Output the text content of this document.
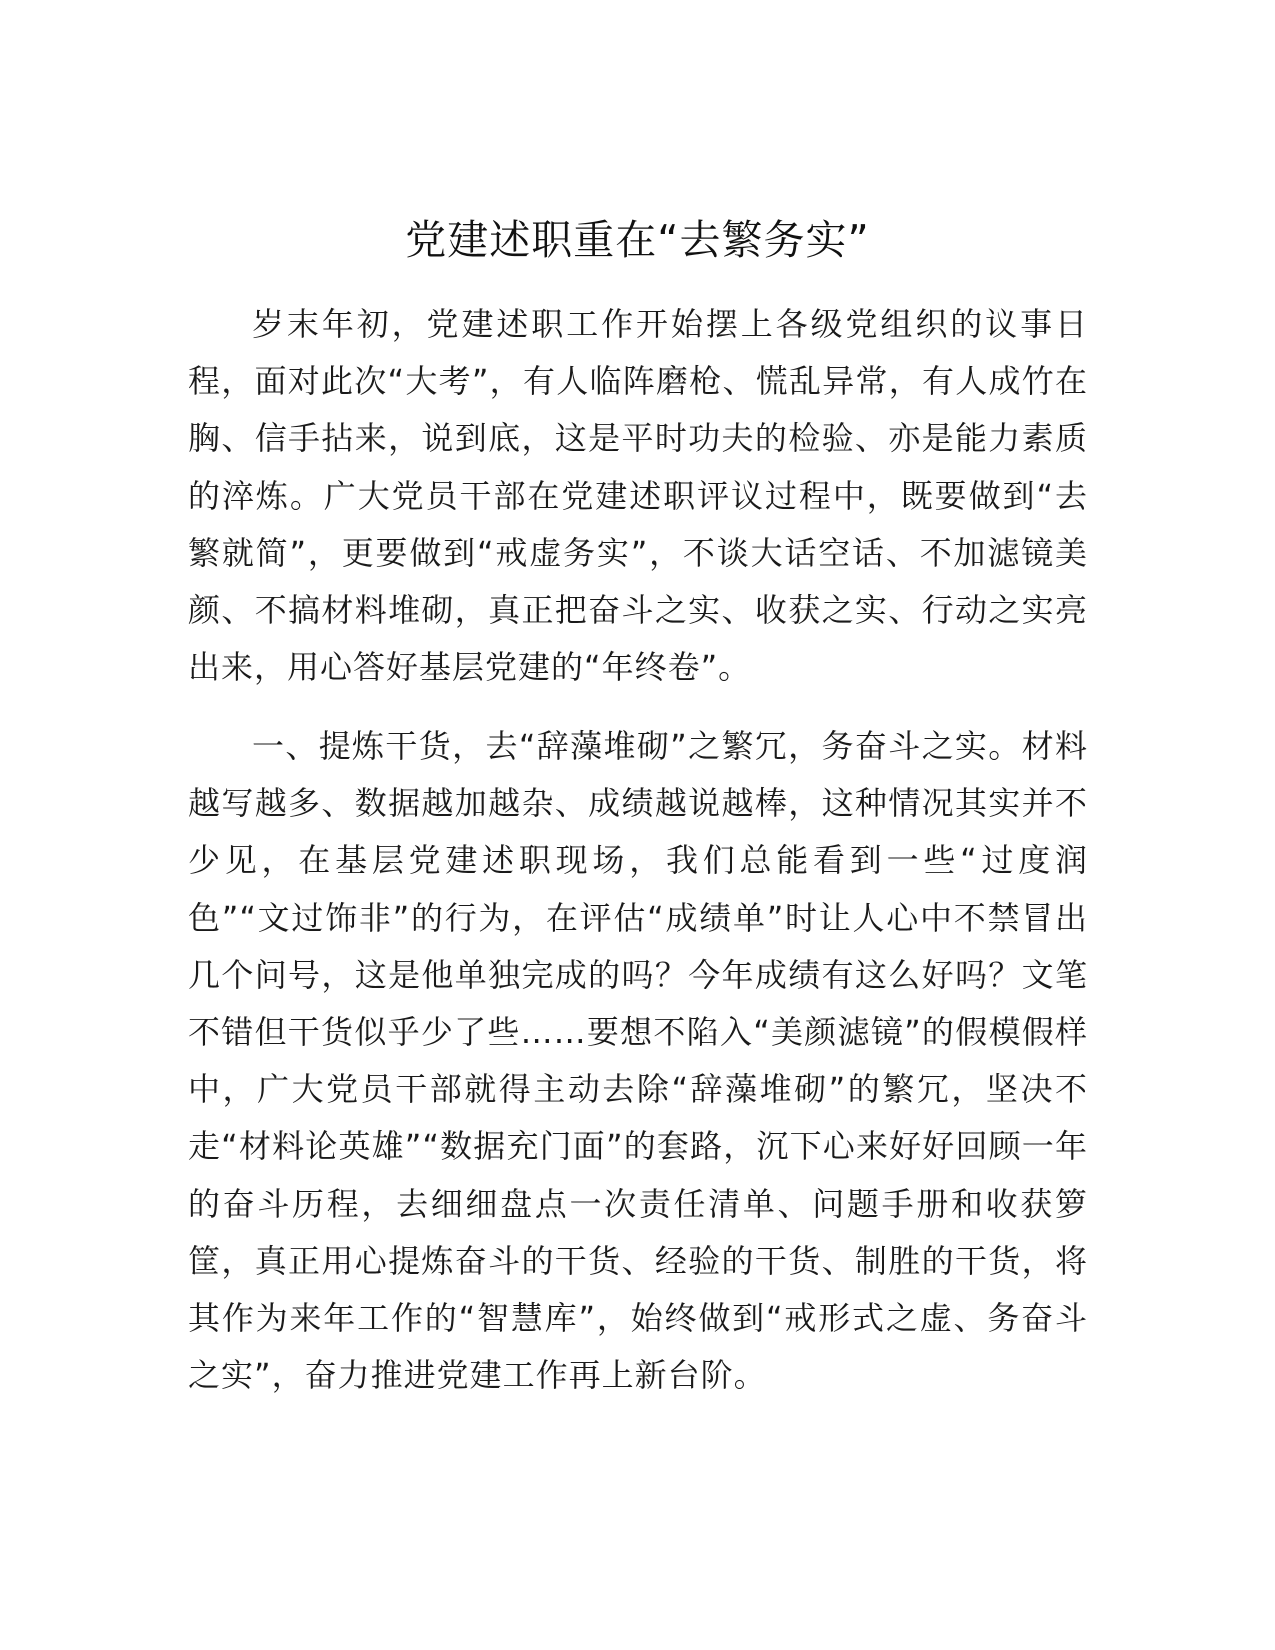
党建述职重在“去繁务实”

岁末年初，党建述职工作开始摆上各级党组织的议事日程，面对此次“大考”，有人临阵磨枪、慌乱异常，有人成竹在胸、信手拈来，说到底，这是平时功夫的检验、亦是能力素质的淬炼。广大党员干部在党建述职评议过程中，既要做到“去繁就简”，更要做到“戒虚务实”，不谈大话空话、不加滤镜美颜、不搞材料堆砌，真正把奋斗之实、收获之实、行动之实亮出来，用心答好基层党建的“年终卷”。

一、提炼干货，去“辞藻堆砌”之繁冗，务奋斗之实。材料越写越多、数据越加越杂、成绩越说越棒，这种情况其实并不少见，在基层党建述职现场，我们总能看到一些“过度润色”“文过饰非”的行为，在评估“成绩单”时让人心中不禁冒出几个问号，这是他单独完成的吗？今年成绩有这么好吗？文笔不错但干货似乎少了些……要想不陷入“美颜滤镜”的假模假样中，广大党员干部就得主动去除“辞藻堆砌”的繁冗，坚决不走“材料论英雄”“数据充门面”的套路，沉下心来好好回顾一年的奋斗历程，去细细盘点一次责任清单、问题手册和收获箩筐，真正用心提炼奋斗的干货、经验的干货、制胜的干货，将其作为来年工作的“智慧库”，始终做到“戒形式之虚、务奋斗之实”，奋力推进党建工作再上新台阶。
